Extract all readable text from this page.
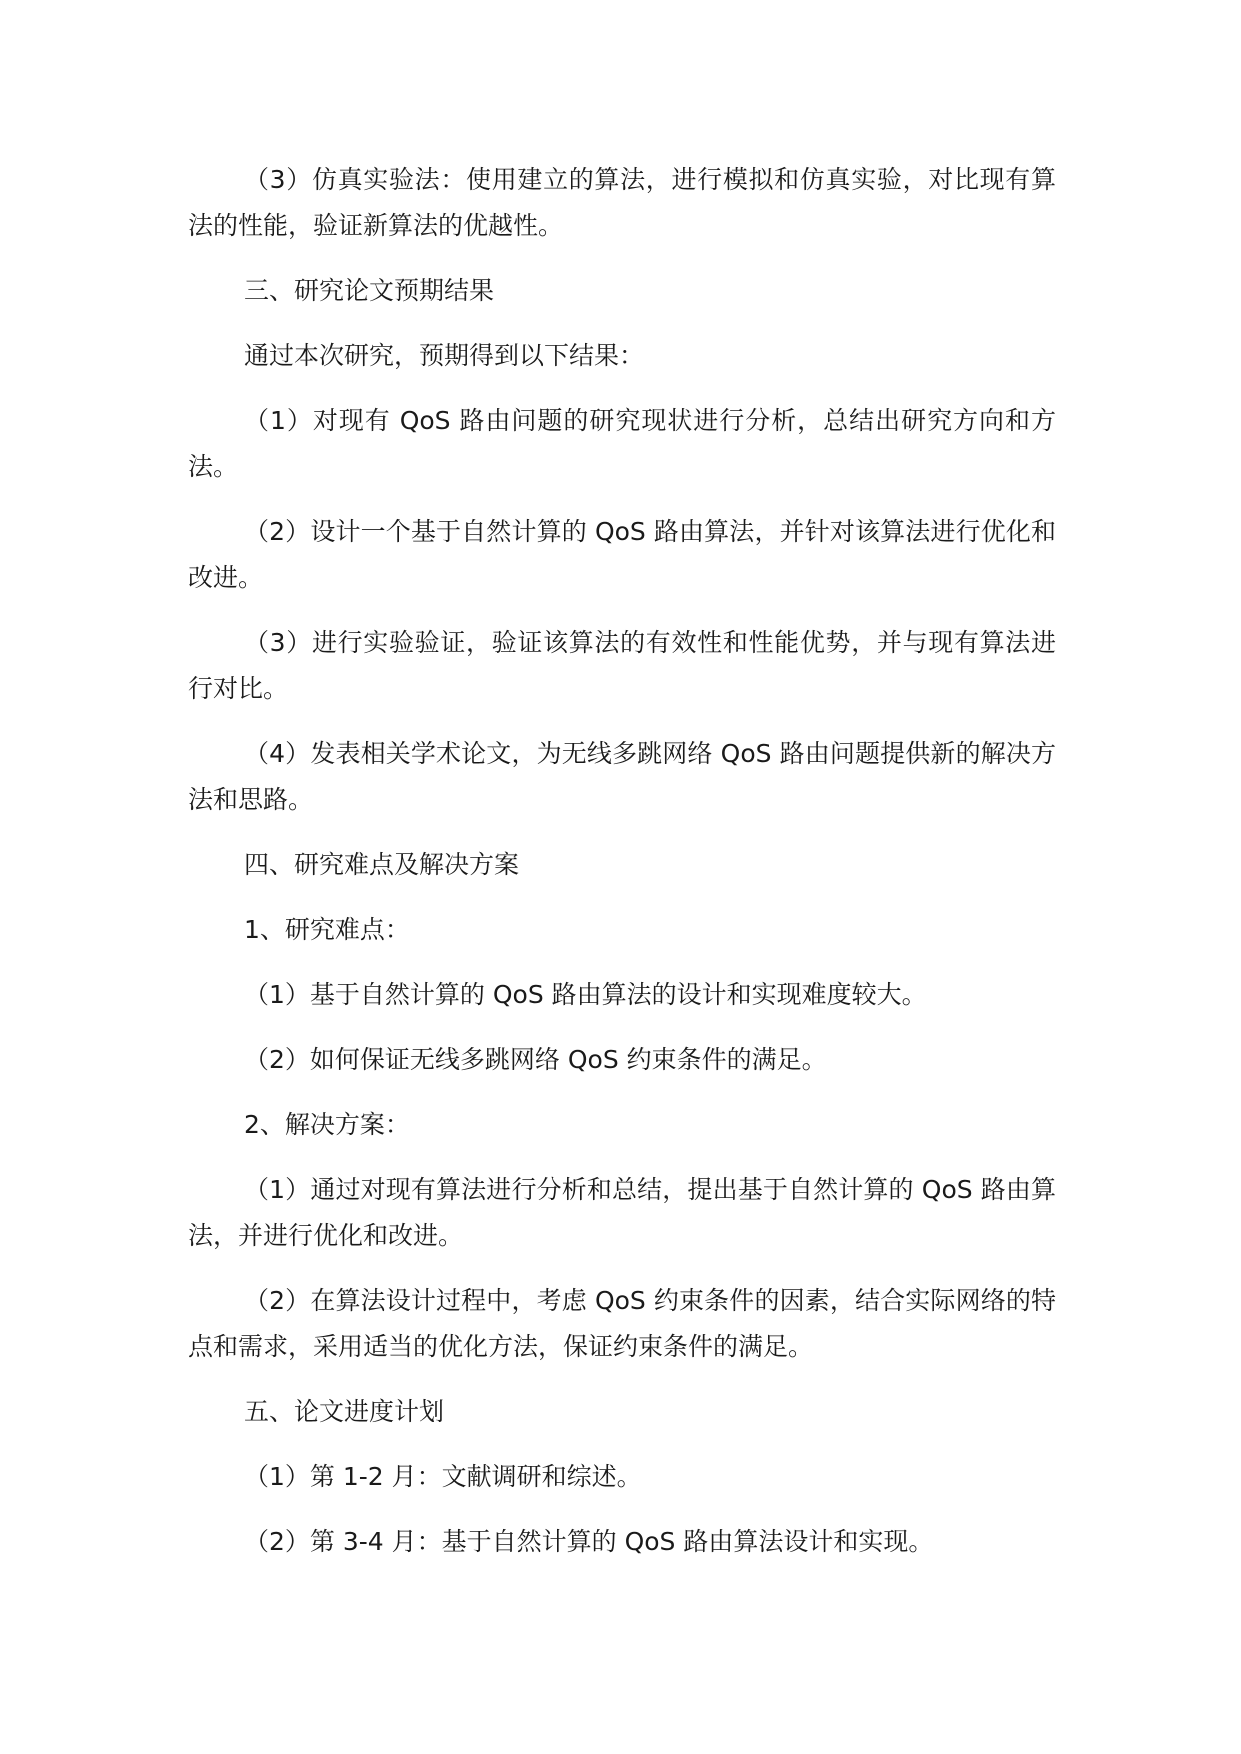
（3）仿真实验法：使用建立的算法，进行模拟和仿真实验，对比现有算法的性能，验证新算法的优越性。

三、研究论文预期结果

通过本次研究，预期得到以下结果：

（1）对现有 QoS 路由问题的研究现状进行分析，总结出研究方向和方法。

（2）设计一个基于自然计算的 QoS 路由算法，并针对该算法进行优化和改进。

（3）进行实验验证，验证该算法的有效性和性能优势，并与现有算法进行对比。

（4）发表相关学术论文，为无线多跳网络 QoS 路由问题提供新的解决方法和思路。

四、研究难点及解决方案

1、研究难点：

（1）基于自然计算的 QoS 路由算法的设计和实现难度较大。

（2）如何保证无线多跳网络 QoS 约束条件的满足。

2、解决方案：

（1）通过对现有算法进行分析和总结，提出基于自然计算的 QoS 路由算法，并进行优化和改进。

（2）在算法设计过程中，考虑 QoS 约束条件的因素，结合实际网络的特点和需求，采用适当的优化方法，保证约束条件的满足。

五、论文进度计划

（1）第 1-2 月：文献调研和综述。

（2）第 3-4 月：基于自然计算的 QoS 路由算法设计和实现。
